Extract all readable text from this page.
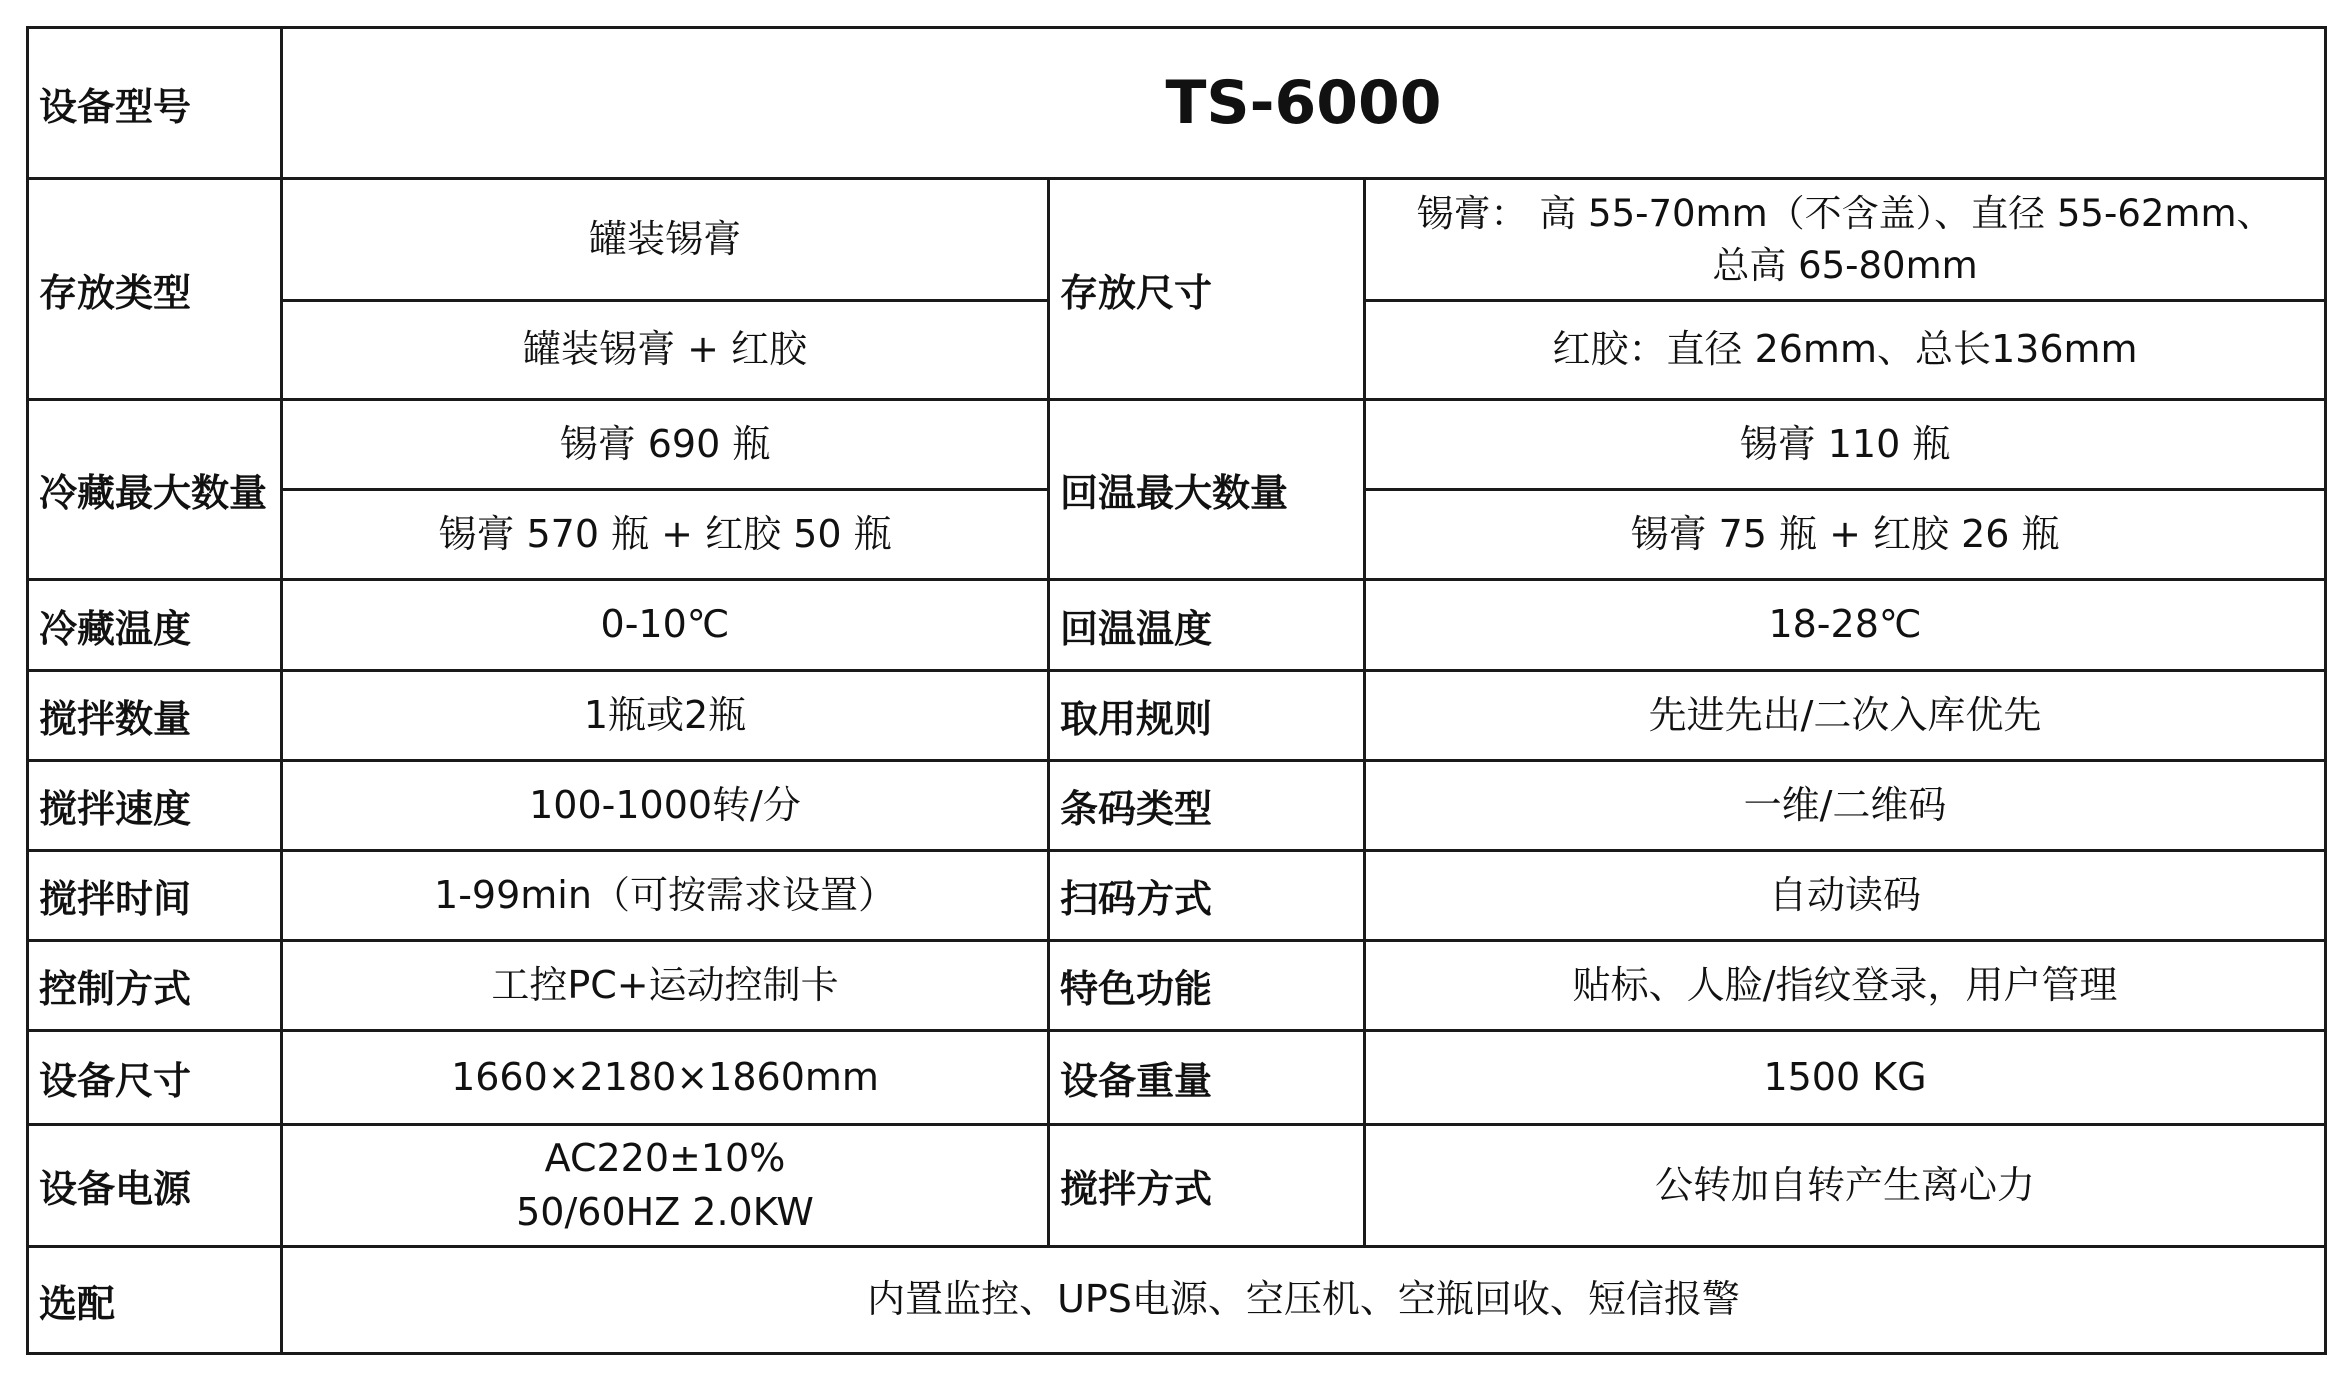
设备型号	TS-6000		
存放类型	罐装锡膏	存放尺寸	锡膏： 高 55-70mm（不含盖）、直径 55-62mm、
总高 65-80mm

	罐装锡膏 + 红胶		红胶：直径 26mm、总长136mm
冷藏最大数量	锡膏 690 瓶	回温最大数量	锡膏 110 瓶
	锡膏 570 瓶 + 红胶 50 瓶		锡膏 75 瓶 + 红胶 26 瓶
冷藏温度	0-10℃	回温温度	18-28℃
搅拌数量	1瓶或2瓶	取用规则	先进先出/二次入库优先
搅拌速度	100-1000转/分	条码类型	一维/二维码
搅拌时间	1-99min（可按需求设置）	扫码方式	自动读码
控制方式	工控PC+运动控制卡	特色功能	贴标、人脸/指纹登录，用户管理
设备尺寸	1660×2180×1860mm	设备重量	1500 KG
设备电源	AC220±10%
50/60HZ 2.0KW	搅拌方式	公转加自转产生离心力
选配	内置监控、UPS电源、空压机、空瓶回收、短信报警		
